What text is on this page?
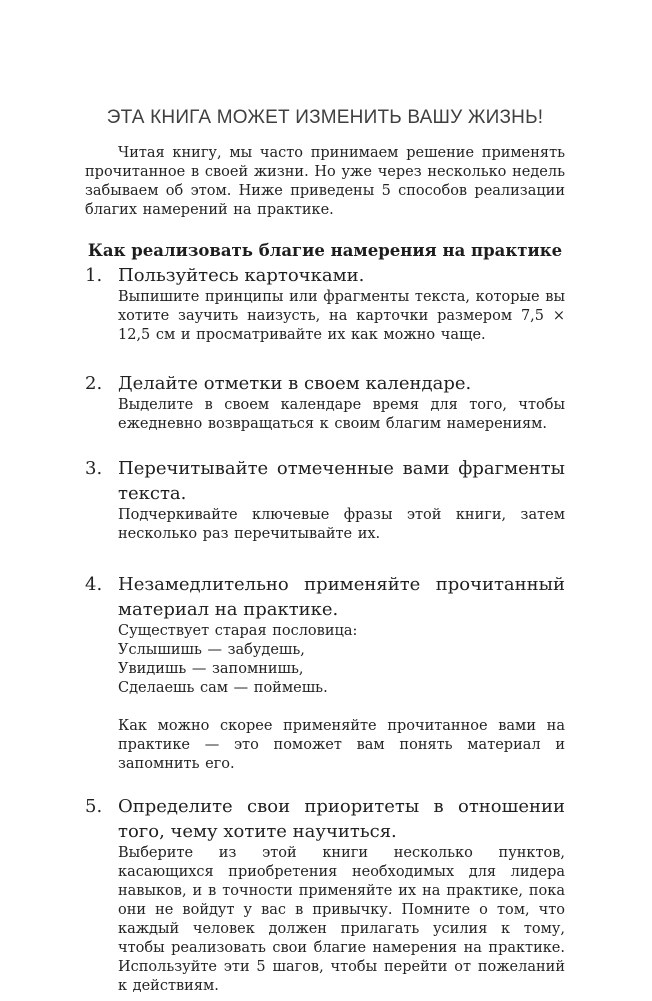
ЭТА КНИГА МОЖЕТ ИЗМЕНИТЬ ВАШУ ЖИЗНЬ!

Читая книгу, мы часто принимаем решение применять прочитанное в своей жизни. Но уже через несколько недель забываем об этом. Ниже приведены 5 способов реализации благих намерений на практике.

Как реализовать благие намерения на практике
1. Пользуйтесь карточками.

Выпишите принципы или фрагменты текста, которые вы хотите заучить наизусть, на карточки размером 7,5 × 12,5 см и просматривайте их как можно чаще.

2. Делайте отметки в своем календаре.

Выделите в своем календаре время для того, чтобы ежедневно возвращаться к своим благим намерениям.

3. Перечитывайте отмеченные вами фрагменты текста.

Подчеркивайте ключевые фразы этой книги, затем несколько раз перечитывайте их.

4. Незамедлительно применяйте прочитанный материал на практике.

Существует старая пословица:

Услышишь — забудешь,

Увидишь — запомнишь,

Сделаешь сам — поймешь.

Как можно скорее применяйте прочитанное вами на практике — это поможет вам понять материал и запомнить его.

5. Определите свои приоритеты в отношении того, чему хотите научиться.

Выберите из этой книги несколько пунктов, касающихся приобретения необходимых для лидера навыков, и в точности применяйте их на практике, пока они не войдут у вас в привычку. Помните о том, что каждый человек должен прилагать усилия к тому, чтобы реализовать свои благие намерения на практике. Используйте эти 5 шагов, чтобы перейти от пожеланий к действиям.
